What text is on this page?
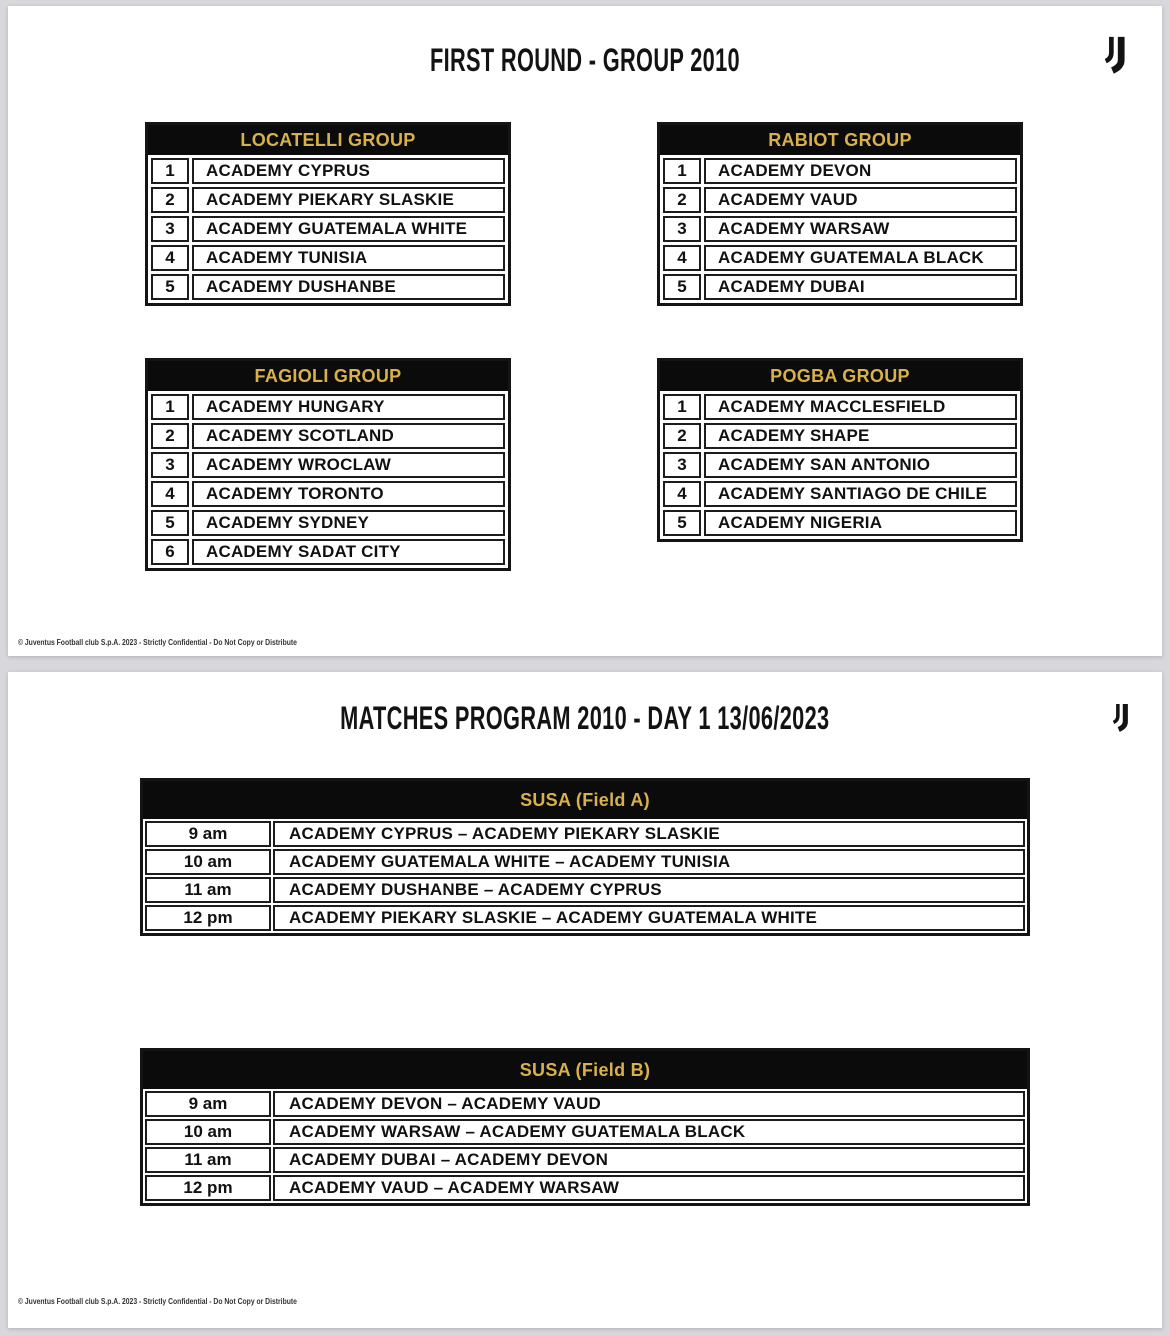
FIRST ROUND - GROUP 2010
LOCATELLI GROUP
1	ACADEMY CYPRUS
2	ACADEMY PIEKARY SLASKIE
3	ACADEMY GUATEMALA WHITE
4	ACADEMY TUNISIA
5	ACADEMY DUSHANBE
RABIOT GROUP
1	ACADEMY DEVON
2	ACADEMY VAUD
3	ACADEMY WARSAW
4	ACADEMY GUATEMALA BLACK
5	ACADEMY DUBAI
FAGIOLI GROUP
1	ACADEMY HUNGARY
2	ACADEMY SCOTLAND
3	ACADEMY WROCLAW
4	ACADEMY TORONTO
5	ACADEMY SYDNEY
6	ACADEMY SADAT CITY
POGBA GROUP
1	ACADEMY MACCLESFIELD
2	ACADEMY SHAPE
3	ACADEMY SAN ANTONIO
4	ACADEMY SANTIAGO DE CHILE
5	ACADEMY NIGERIA
© Juventus Football club S.p.A. 2023 - Strictly Confidential - Do Not Copy or Distribute
MATCHES PROGRAM 2010 - DAY 1 13/06/2023
SUSA (Field A)
9 am	ACADEMY CYPRUS – ACADEMY PIEKARY SLASKIE
10 am	ACADEMY GUATEMALA WHITE – ACADEMY TUNISIA
11 am	ACADEMY DUSHANBE – ACADEMY CYPRUS
12 pm	ACADEMY PIEKARY SLASKIE – ACADEMY GUATEMALA WHITE
SUSA (Field B)
9 am	ACADEMY DEVON – ACADEMY VAUD
10 am	ACADEMY WARSAW – ACADEMY GUATEMALA BLACK
11 am	ACADEMY DUBAI – ACADEMY DEVON
12 pm	ACADEMY VAUD – ACADEMY WARSAW
© Juventus Football club S.p.A. 2023 - Strictly Confidential - Do Not Copy or Distribute
